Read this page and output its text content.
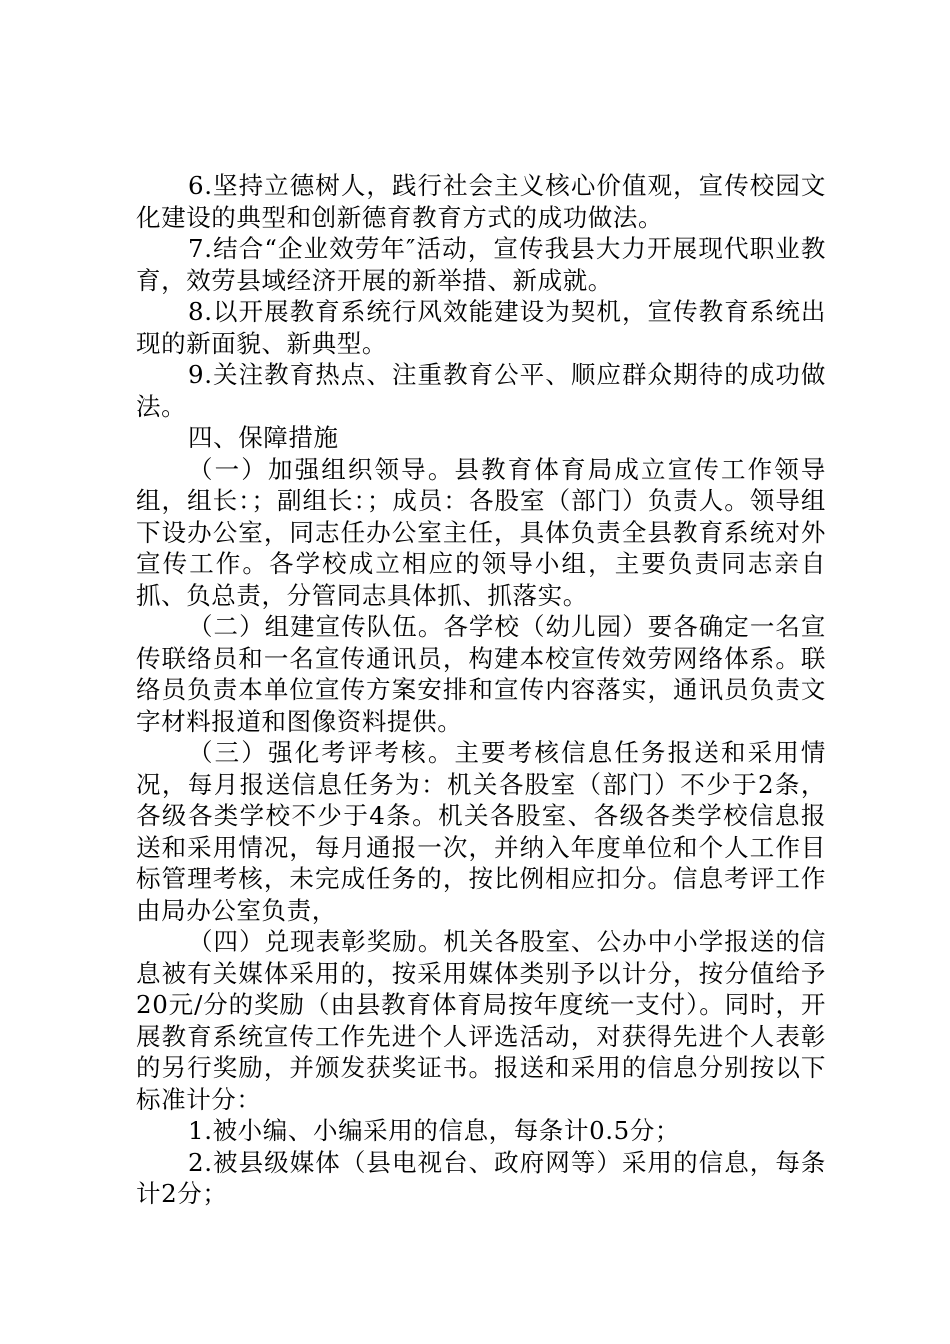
6.坚持立德树人，践行社会主义核心价值观，宣传校园文化建设的典型和创新德育教育方式的成功做法。

7.结合“企业效劳年″活动，宣传我县大力开展现代职业教育，效劳县域经济开展的新举措、新成就。

8.以开展教育系统行风效能建设为契机，宣传教育系统出现的新面貌、新典型。

9.关注教育热点、注重教育公平、顺应群众期待的成功做法。

四、保障措施

（一）加强组织领导。县教育体育局成立宣传工作领导组，组长：；副组长：；成员：各股室（部门）负责人。领导组下设办公室，同志任办公室主任，具体负责全县教育系统对外宣传工作。各学校成立相应的领导小组，主要负责同志亲自抓、负总责，分管同志具体抓、抓落实。

（二）组建宣传队伍。各学校（幼儿园）要各确定一名宣传联络员和一名宣传通讯员，构建本校宣传效劳网络体系。联络员负责本单位宣传方案安排和宣传内容落实，通讯员负责文字材料报道和图像资料提供。

（三）强化考评考核。主要考核信息任务报送和采用情况，每月报送信息任务为：机关各股室（部门）不少于2条，各级各类学校不少于4条。机关各股室、各级各类学校信息报送和采用情况，每月通报一次，并纳入年度单位和个人工作目标管理考核，未完成任务的，按比例相应扣分。信息考评工作由局办公室负责，

（四）兑现表彰奖励。机关各股室、公办中小学报送的信息被有关媒体采用的，按采用媒体类别予以计分，按分值给予20元/分的奖励（由县教育体育局按年度统一支付）。同时，开展教育系统宣传工作先进个人评选活动，对获得先进个人表彰的另行奖励，并颁发获奖证书。报送和采用的信息分别按以下标准计分：

1.被小编、小编采用的信息，每条计0.5分；

2.被县级媒体（县电视台、政府网等）采用的信息，每条计2分；
